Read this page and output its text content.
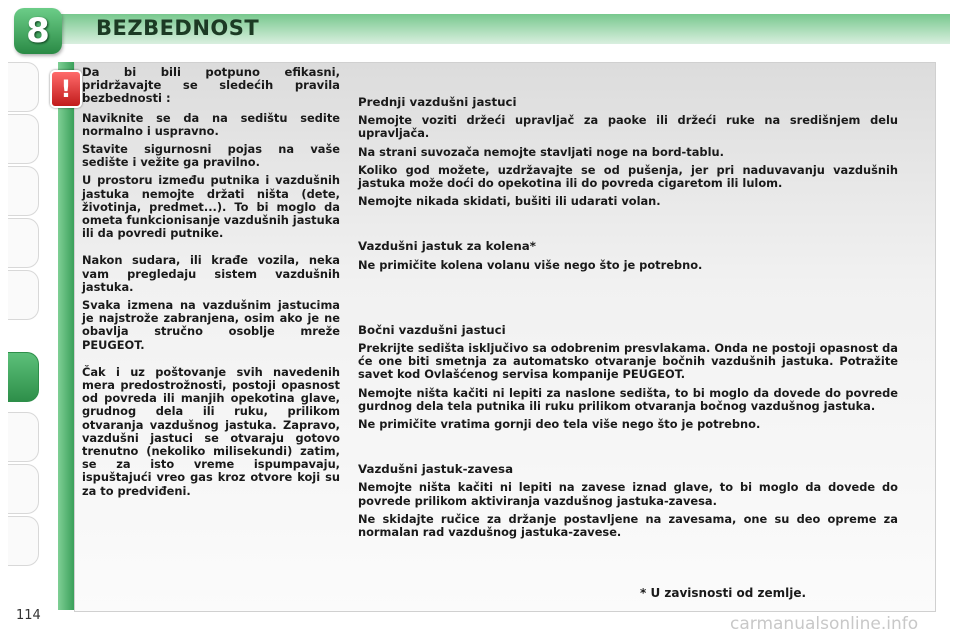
8 BEZBEDNOST
!

Da bi bili potpuno efikasni, pridržavajte se sledećih pravila bezbednosti :

Naviknite se da na sedištu sedite normalno i uspravno.

Stavite sigurnosni pojas na vaše sedište i vežite ga pravilno.

U prostoru između putnika i vazdušnih jastuka nemojte držati ništa (dete, životinja, predmet...). To bi moglo da ometa funkcionisanje vazdušnih jastuka ili da povredi putnike.

Nakon sudara, ili krađe vozila, neka vam pregledaju sistem vazdušnih jastuka.

Svaka izmena na vazdušnim jastucima je najstrože zabranjena, osim ako je ne obavlja stručno osoblje mreže PEUGEOT.

Čak i uz poštovanje svih navedenih mera predostrožnosti, postoji opasnost od povreda ili manjih opekotina glave, grudnog dela ili ruku, prilikom otvaranja vazdušnog jastuka. Zapravo, vazdušni jastuci se otvaraju gotovo trenutno (nekoliko milisekundi) zatim, se za isto vreme ispumpavaju, ispuštajući vreo gas kroz otvore koji su za to predviđeni.

Prednji vazdušni jastuci

Nemojte voziti držeći upravljač za paoke ili držeći ruke na središnjem delu upravljača.

Na strani suvozača nemojte stavljati noge na bord-tablu.

Koliko god možete, uzdržavajte se od pušenja, jer pri naduvavanju vazdušnih jastuka može doći do opekotina ili do povreda cigaretom ili lulom.

Nemojte nikada skidati, bušiti ili udarati volan.

Vazdušni jastuk za kolena*

Ne primičite kolena volanu više nego što je potrebno.

Bočni vazdušni jastuci

Prekrijte sedišta isključivo sa odobrenim presvlakama. Onda ne postoji opasnost da će one biti smetnja za automatsko otvaranje bočnih vazdušnih jastuka. Potražite savet kod Ovlašćenog servisa kompanije PEUGEOT.

Nemojte ništa kačiti ni lepiti za naslone sedišta, to bi moglo da dovede do povrede gurdnog dela tela putnika ili ruku prilikom otvaranja bočnog vazdušnog jastuka.

Ne primičite vratima gornji deo tela više nego što je potrebno.

Vazdušni jastuk-zavesa

Nemojte ništa kačiti ni lepiti na zavese iznad glave, to bi moglo da dovede do povrede prilikom aktiviranja vazdušnog jastuka-zavesa.

Ne skidajte ručice za držanje postavljene na zavesama, one su deo opreme za normalan rad vazdušnog jastuka-zavese.

* U zavisnosti od zemlje.
114	carmanualsonline.info
